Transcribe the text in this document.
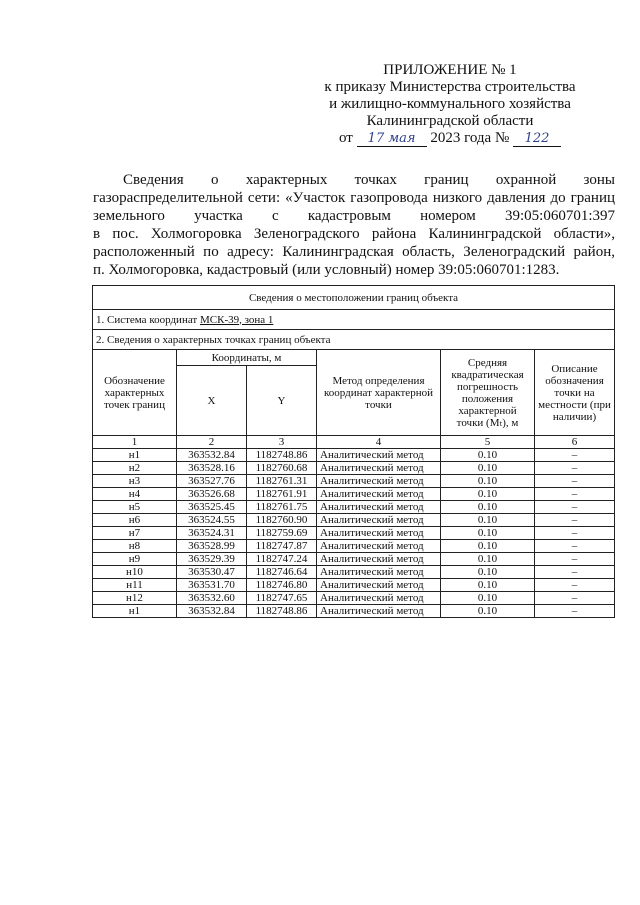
ПРИЛОЖЕНИЕ № 1
к приказу Министерства строительства
и жилищно-коммунального хозяйства
Калининградской области
от 17 мая 2023 года № 122
Сведения о характерных точках границ охранной зоны
газораспределительной сети: «Участок газопровода низкого давления до границ
земельного участка с кадастровым номером 39:05:060701:397
в пос. Холмогоровка Зеленоградского района Калининградской области»,
расположенный по адресу: Калининградская область, Зеленоградский район,
п. Холмогоровка, кадастровый (или условный) номер 39:05:060701:1283.
Сведения о местоположении границ объекта					
1. Система координат МСК-39, зона 1					
2. Сведения о характерных точках границ объекта					
Обозначение характерных точек границ	Координаты, м		Метод определения координат характерной точки	Средняя квадратическая погрешность положения характерной точки (Mₜ), м	Описание обозначения точки на местности (при наличии)
	X	Y			
1	2	3	4	5	6
н1	363532.84	1182748.86	Аналитический метод	0.10	–
н2	363528.16	1182760.68	Аналитический метод	0.10	–
н3	363527.76	1182761.31	Аналитический метод	0.10	–
н4	363526.68	1182761.91	Аналитический метод	0.10	–
н5	363525.45	1182761.75	Аналитический метод	0.10	–
н6	363524.55	1182760.90	Аналитический метод	0.10	–
н7	363524.31	1182759.69	Аналитический метод	0.10	–
н8	363528.99	1182747.87	Аналитический метод	0.10	–
н9	363529.39	1182747.24	Аналитический метод	0.10	–
н10	363530.47	1182746.64	Аналитический метод	0.10	–
н11	363531.70	1182746.80	Аналитический метод	0.10	–
н12	363532.60	1182747.65	Аналитический метод	0.10	–
н1	363532.84	1182748.86	Аналитический метод	0.10	–
